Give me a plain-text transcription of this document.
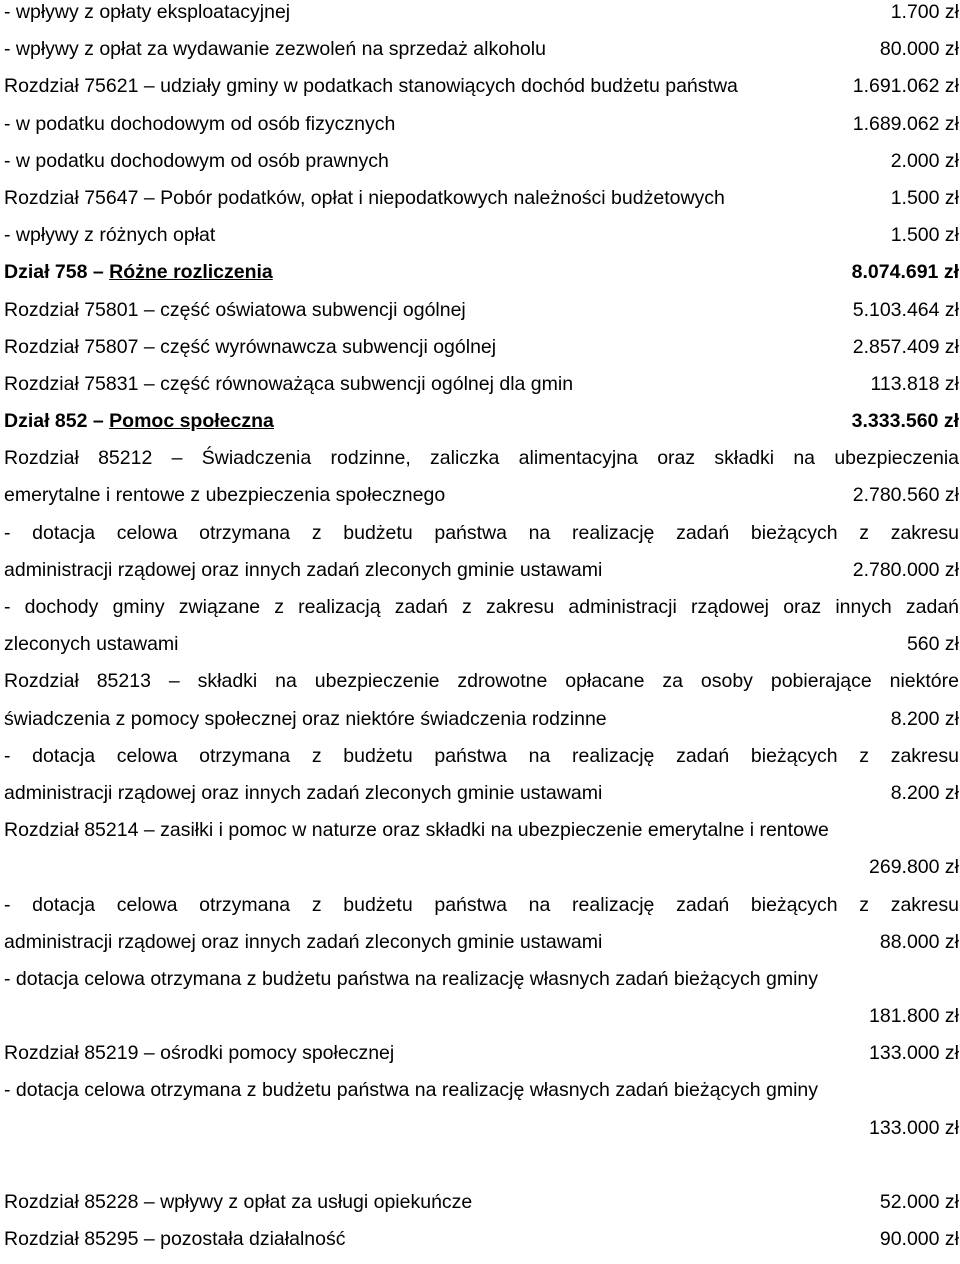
- wpływy z opłaty eksploatacyjnej	1.700 zł
- wpływy z opłat za wydawanie zezwoleń na sprzedaż alkoholu	80.000 zł
Rozdział 75621 – udziały gminy w podatkach stanowiących dochód budżetu państwa	1.691.062 zł
- w podatku dochodowym od osób fizycznych	1.689.062 zł
- w podatku dochodowym od osób prawnych	2.000 zł
Rozdział 75647 – Pobór podatków, opłat i niepodatkowych należności budżetowych	1.500 zł
- wpływy z różnych opłat	1.500 zł
Dział 758 – Różne rozliczenia	8.074.691 zł
Rozdział 75801 – część oświatowa subwencji ogólnej	5.103.464 zł
Rozdział 75807 – część wyrównawcza subwencji ogólnej	2.857.409 zł
Rozdział 75831 – część równoważąca subwencji ogólnej dla gmin	113.818 zł
Dział 852 – Pomoc społeczna	3.333.560 zł
Rozdział 85212 – Świadczenia rodzinne, zaliczka alimentacyjna oraz składki na ubezpieczenia
emerytalne i rentowe z ubezpieczenia społecznego	2.780.560 zł
- dotacja celowa otrzymana z budżetu państwa na realizację zadań bieżących z zakresu
administracji rządowej oraz innych zadań zleconych gminie ustawami	2.780.000 zł
- dochody gminy związane z realizacją zadań z zakresu administracji rządowej oraz innych zadań
zleconych ustawami	560 zł
Rozdział 85213 – składki na ubezpieczenie zdrowotne opłacane za osoby pobierające niektóre
świadczenia z pomocy społecznej oraz niektóre świadczenia rodzinne	8.200 zł
- dotacja celowa otrzymana z budżetu państwa na realizację zadań bieżących z zakresu
administracji rządowej oraz innych zadań zleconych gminie ustawami	8.200 zł
Rozdział 85214 – zasiłki i pomoc w naturze oraz składki na ubezpieczenie emerytalne i rentowe
269.800 zł
- dotacja celowa otrzymana z budżetu państwa na realizację zadań bieżących z zakresu
administracji rządowej oraz innych zadań zleconych gminie ustawami	88.000 zł
- dotacja celowa otrzymana z budżetu państwa na realizację własnych zadań bieżących gminy
181.800 zł
Rozdział 85219 – ośrodki pomocy społecznej	133.000 zł
- dotacja celowa otrzymana z budżetu państwa na realizację własnych zadań bieżących gminy
133.000 zł
Rozdział 85228 – wpływy z opłat za usługi opiekuńcze	52.000 zł
Rozdział 85295 – pozostała działalność	90.000 zł
